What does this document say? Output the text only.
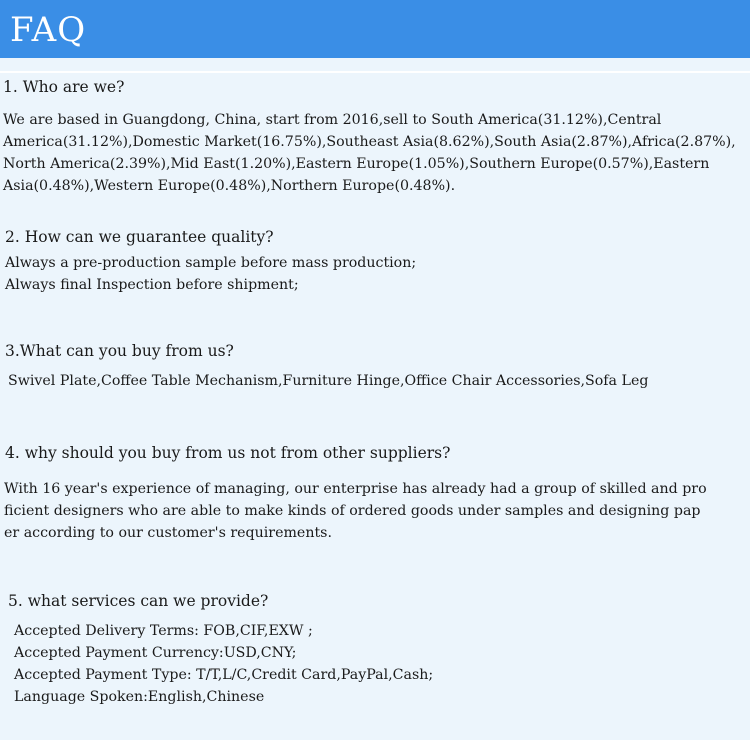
FAQ
1. Who are we?
We are based in Guangdong, China, start from 2016,sell to South America(31.12%),Central
America(31.12%),Domestic Market(16.75%),Southeast Asia(8.62%),South Asia(2.87%),Africa(2.87%),
North America(2.39%),Mid East(1.20%),Eastern Europe(1.05%),Southern Europe(0.57%),Eastern
Asia(0.48%),Western Europe(0.48%),Northern Europe(0.48%).
2. How can we guarantee quality?
Always a pre-production sample before mass production;
Always final Inspection before shipment;
3.What can you buy from us?
Swivel Plate,Coffee Table Mechanism,Furniture Hinge,Office Chair Accessories,Sofa Leg
4. why should you buy from us not from other suppliers?
With 16 year's experience of managing, our enterprise has already had a group of skilled and pro
ficient designers who are able to make kinds of ordered goods under samples and designing pap
er according to our customer's requirements.
5. what services can we provide?
Accepted Delivery Terms: FOB,CIF,EXW ;
Accepted Payment Currency:USD,CNY;
Accepted Payment Type: T/T,L/C,Credit Card,PayPal,Cash;
Language Spoken:English,Chinese
